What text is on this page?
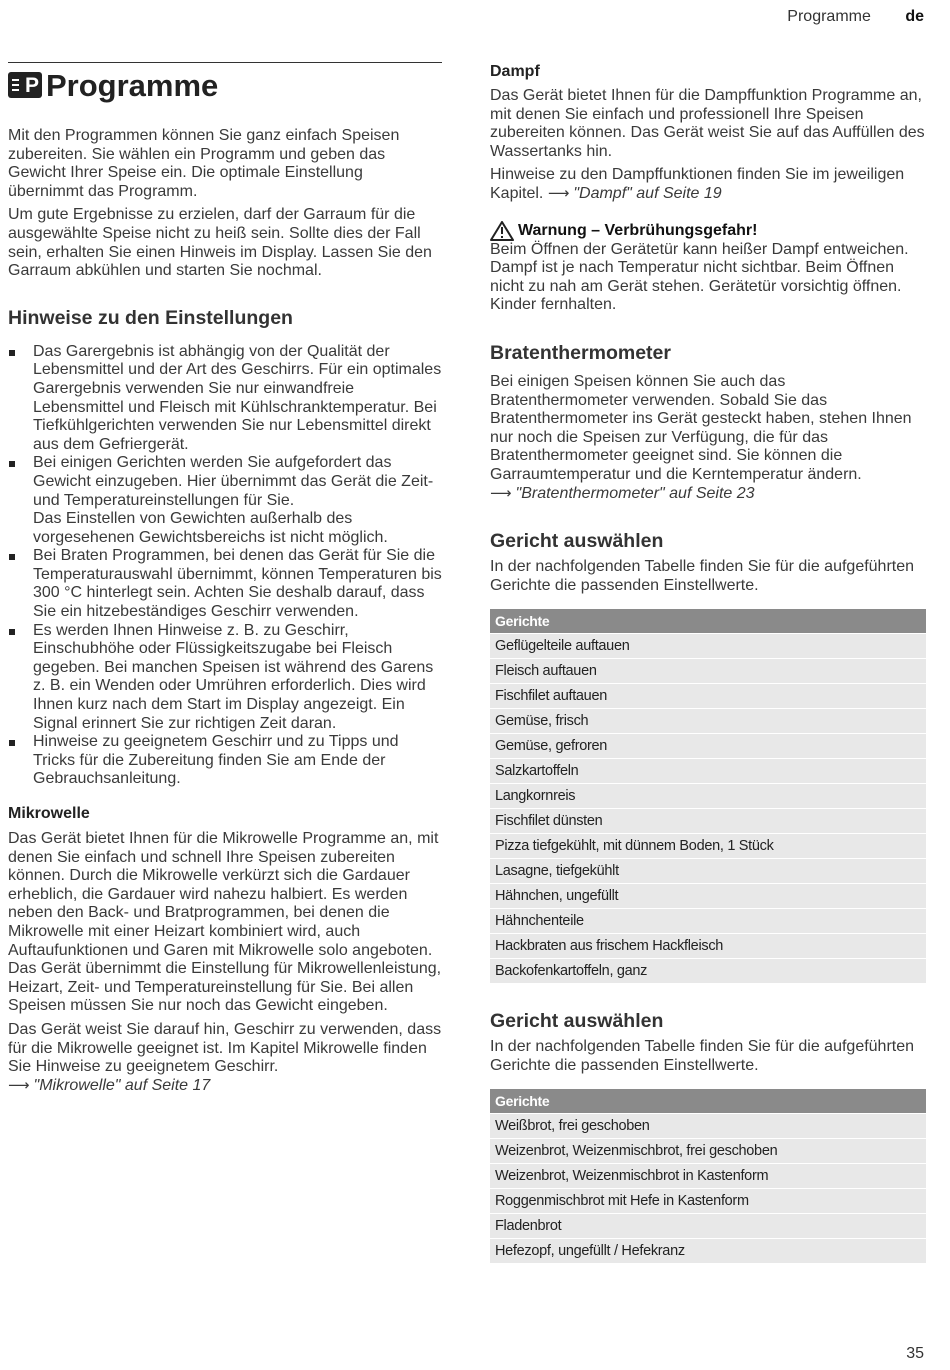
Programme de
P Programme

Mit den Programmen können Sie ganz einfach Speisen zubereiten. Sie wählen ein Programm und geben das Gewicht Ihrer Speise ein. Die optimale Einstellung übernimmt das Programm.

Um gute Ergebnisse zu erzielen, darf der Garraum für die ausgewählte Speise nicht zu heiß sein. Sollte dies der Fall sein, erhalten Sie einen Hinweis im Display. Lassen Sie den Garraum abkühlen und starten Sie nochmal.

Hinweise zu den Einstellungen
Das Garergebnis ist abhängig von der Qualität der Lebensmittel und der Art des Geschirrs. Für ein optimales Garergebnis verwenden Sie nur einwandfreie Lebensmittel und Fleisch mit Kühlschranktemperatur. Bei Tiefkühlgerichten verwenden Sie nur Lebensmittel direkt aus dem Gefriergerät.
Bei einigen Gerichten werden Sie aufgefordert das Gewicht einzugeben. Hier übernimmt das Gerät die Zeit- und Temperatureinstellungen für Sie.
Das Einstellen von Gewichten außerhalb des vorgesehenen Gewichtsbereichs ist nicht möglich.
Bei Braten Programmen, bei denen das Gerät für Sie die Temperaturauswahl übernimmt, können Temperaturen bis 300 °C hinterlegt sein. Achten Sie deshalb darauf, dass Sie ein hitzebeständiges Geschirr verwenden.
Es werden Ihnen Hinweise z. B. zu Geschirr, Einschubhöhe oder Flüssigkeitszugabe bei Fleisch gegeben. Bei manchen Speisen ist während des Garens z. B. ein Wenden oder Umrühren erforderlich. Dies wird Ihnen kurz nach dem Start im Display angezeigt. Ein Signal erinnert Sie zur richtigen Zeit daran.
Hinweise zu geeignetem Geschirr und zu Tipps und Tricks für die Zubereitung finden Sie am Ende der Gebrauchsanleitung.
Mikrowelle

Das Gerät bietet Ihnen für die Mikrowelle Programme an, mit denen Sie einfach und schnell Ihre Speisen zubereiten können. Durch die Mikrowelle verkürzt sich die Gardauer erheblich, die Gardauer wird nahezu halbiert. Es werden neben den Back- und Bratprogrammen, bei denen die Mikrowelle mit einer Heizart kombiniert wird, auch Auftaufunktionen und Garen mit Mikrowelle solo angeboten.
Das Gerät übernimmt die Einstellung für Mikrowellenleistung, Heizart, Zeit- und Temperatureinstellung für Sie. Bei allen Speisen müssen Sie nur noch das Gewicht eingeben.

Das Gerät weist Sie darauf hin, Geschirr zu verwenden, dass für die Mikrowelle geeignet ist. Im Kapitel Mikrowelle finden Sie Hinweise zu geeignetem Geschirr.
⟶ "Mikrowelle" auf Seite 17

Dampf

Das Gerät bietet Ihnen für die Dampffunktion Programme an, mit denen Sie einfach und professionell Ihre Speisen zubereiten können. Das Gerät weist Sie auf das Auffüllen des Wassertanks hin.

Hinweise zu den Dampffunktionen finden Sie im jeweiligen Kapitel. ⟶ "Dampf" auf Seite 19

Warnung – Verbrühungsgefahr!

Beim Öffnen der Gerätetür kann heißer Dampf entweichen. Dampf ist je nach Temperatur nicht sichtbar. Beim Öffnen nicht zu nah am Gerät stehen. Gerätetür vorsichtig öffnen. Kinder fernhalten.

Bratenthermometer

Bei einigen Speisen können Sie auch das Bratenthermometer verwenden. Sobald Sie das Bratenthermometer ins Gerät gesteckt haben, stehen Ihnen nur noch die Speisen zur Verfügung, die für das Bratenthermometer geeignet sind. Sie können die Garraumtemperatur und die Kerntemperatur ändern.
⟶ "Bratenthermometer" auf Seite 23

Gericht auswählen

In der nachfolgenden Tabelle finden Sie für die aufgeführten Gerichte die passenden Einstellwerte.

Gerichte
Geflügelteile auftauen
Fleisch auftauen
Fischfilet auftauen
Gemüse, frisch
Gemüse, gefroren
Salzkartoffeln
Langkornreis
Fischfilet dünsten
Pizza tiefgekühlt, mit dünnem Boden, 1 Stück
Lasagne, tiefgekühlt
Hähnchen, ungefüllt
Hähnchenteile
Hackbraten aus frischem Hackfleisch
Backofenkartoffeln, ganz
Gericht auswählen

In der nachfolgenden Tabelle finden Sie für die aufgeführten Gerichte die passenden Einstellwerte.

Gerichte
Weißbrot, frei geschoben
Weizenbrot, Weizenmischbrot, frei geschoben
Weizenbrot, Weizenmischbrot in Kastenform
Roggenmischbrot mit Hefe in Kastenform
Fladenbrot
Hefezopf, ungefüllt / Hefekranz
35
